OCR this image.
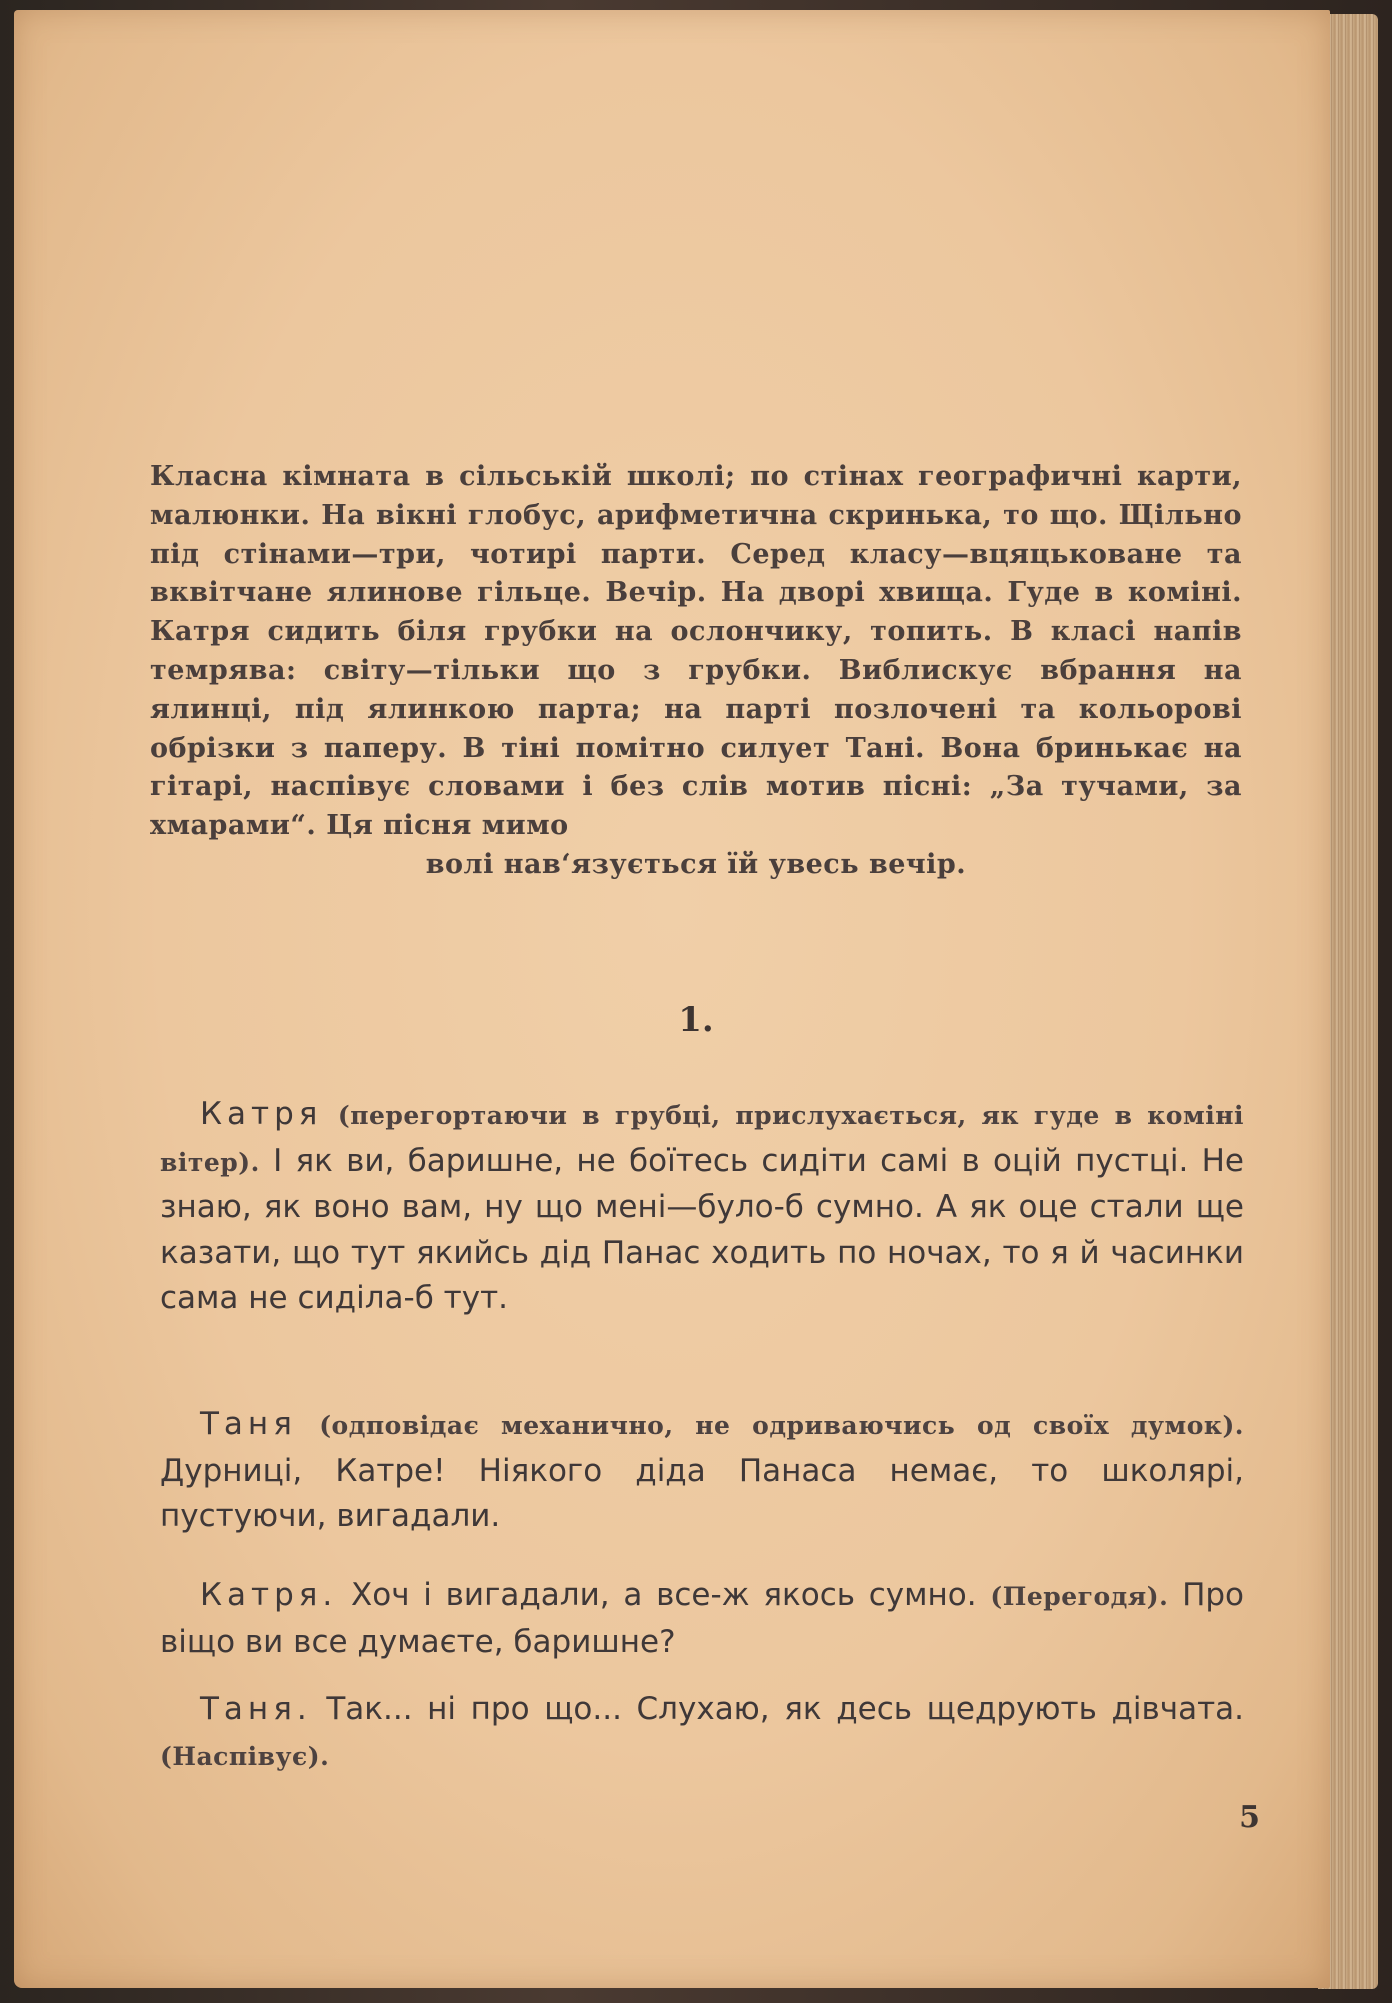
Класна кімната в сільській школі; по стінах географичні карти, малюнки. На вікні глобус, арифметична скринька, то що. Щільно під стінами—три, чотирі парти. Серед класу—вцяцьковане та вквітчане ялинове гільце. Вечір. На дворі хвища. Гуде в коміні. Катря сидить біля грубки на ослончику, топить. В класі напів темрява: світу—тільки що з грубки. Виблискує вбрання на ялинці, під ялинкою парта; на парті позлочені та кольорові обрізки з паперу. В тіні помітно силует Тані. Вона бринькає на гітарі, наспівує словами і без слів мотив пісні: „За тучами, за хмарами“. Ця пісня мимо
волі нав‘язується їй увесь вечір.
1.
Катря (перегортаючи в грубці, прислухається, як гуде в коміні вітер). І як ви, баришне, не боїтесь сидіти самі в оцій пустці. Не знаю, як воно вам, ну що мені—було-б сумно. А як оце стали ще казати, що тут якийсь дід Панас ходить по ночах, то я й часинки сама не сиділа-б тут.
Таня (одповідає механично, не одриваючись од своїх думок). Дурниці, Катре! Ніякого діда Панаса немає, то школярі, пустуючи, вигадали.
Катря. Хоч і вигадали, а все-ж якось сумно. (Перегодя). Про віщо ви все думаєте, баришне?
Таня. Так... ні про що... Слухаю, як десь щедрують дівчата. (Наспівує).
5
